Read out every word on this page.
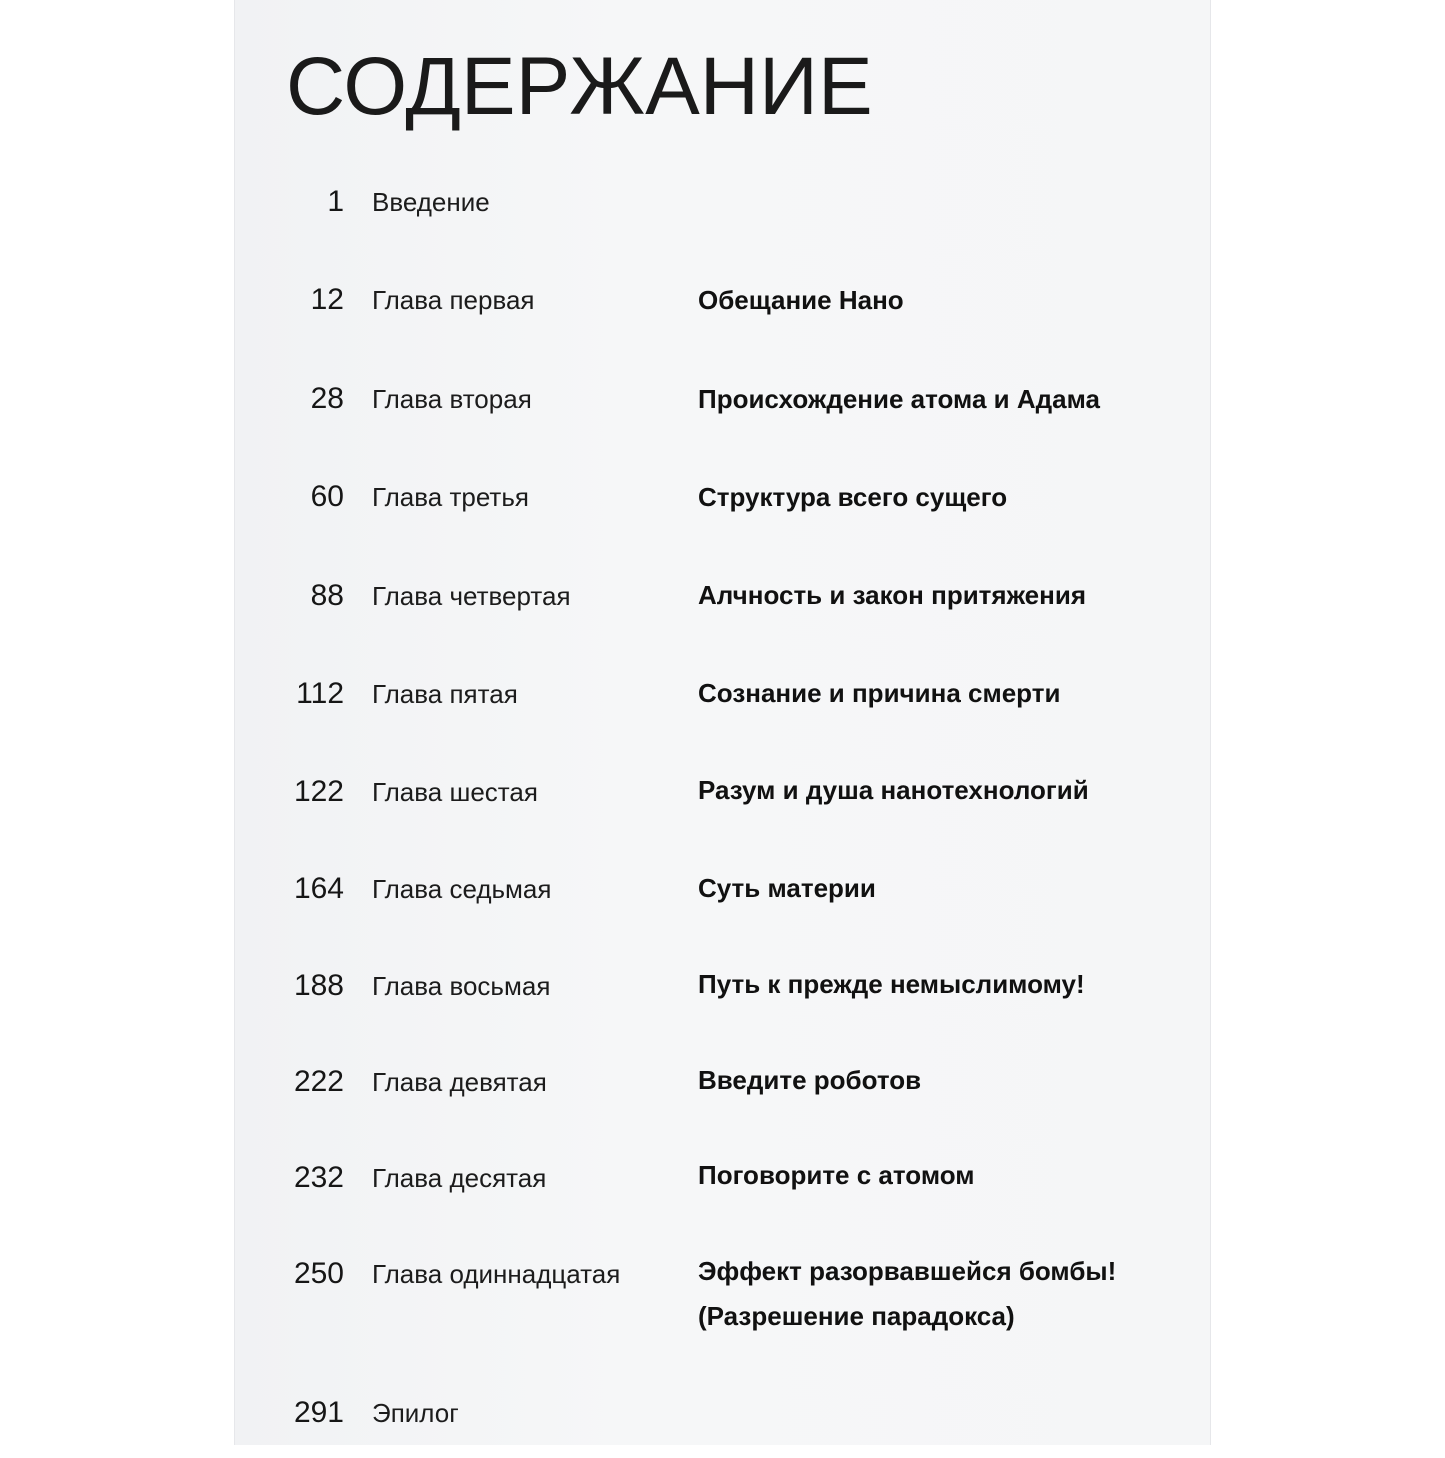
СОДЕРЖАНИЕ
1 Введение
12 Глава первая	Обещание Нано
28 Глава вторая	Происхождение атома и Адама
60 Глава третья	Структура всего сущего
88 Глава четвертая	Алчность и закон притяжения
112 Глава пятая	Сознание и причина смерти
122 Глава шестая	Разум и душа нанотехнологий
164 Глава седьмая	Суть материи
188 Глава восьмая	Путь к прежде немыслимому!
222 Глава девятая	Введите роботов
232 Глава десятая	Поговорите с атомом
250 Глава одиннадцатая	Эффект разорвавшейся бомбы!
(Разрешение парадокса)
291 Эпилог
